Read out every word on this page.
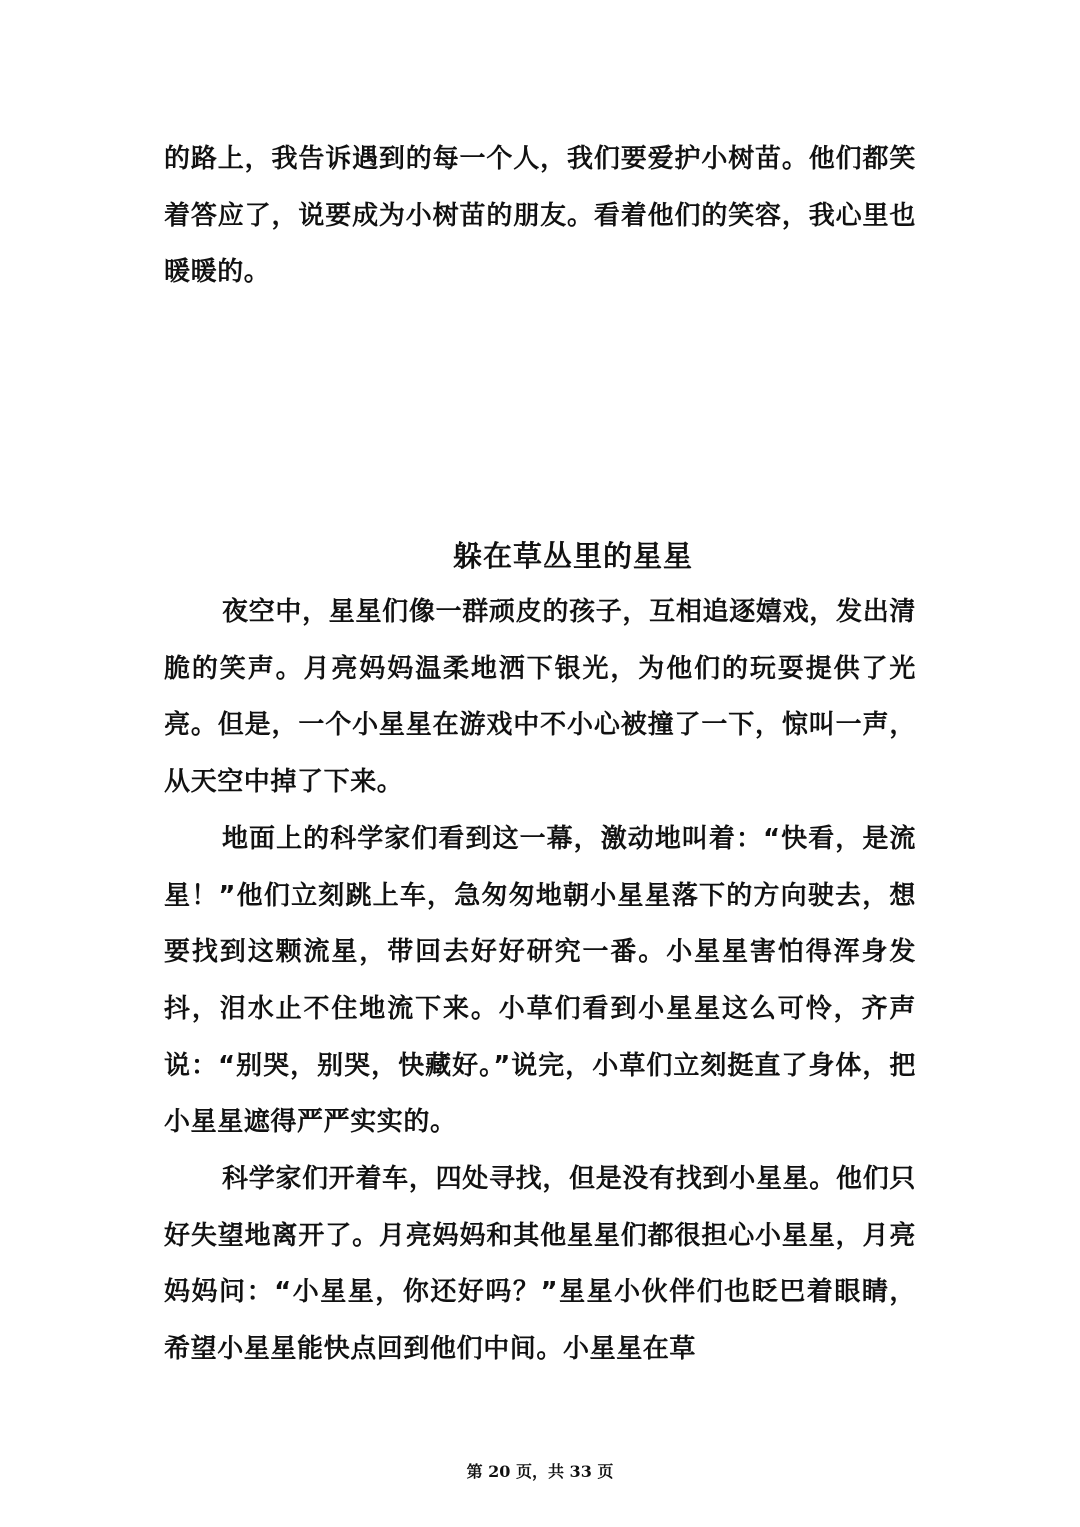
的路上，我告诉遇到的每一个人，我们要爱护小树苗。他们都笑着答应了，说要成为小树苗的朋友。看着他们的笑容，我心里也暖暖的。

躲在草丛里的星星

夜空中，星星们像一群顽皮的孩子，互相追逐嬉戏，发出清脆的笑声。月亮妈妈温柔地洒下银光，为他们的玩耍提供了光亮。但是，一个小星星在游戏中不小心被撞了一下，惊叫一声，从天空中掉了下来。

地面上的科学家们看到这一幕，激动地叫着：“快看，是流星！”他们立刻跳上车，急匆匆地朝小星星落下的方向驶去，想要找到这颗流星，带回去好好研究一番。小星星害怕得浑身发抖，泪水止不住地流下来。小草们看到小星星这么可怜，齐声说：“别哭，别哭，快藏好。”说完，小草们立刻挺直了身体，把小星星遮得严严实实的。

科学家们开着车，四处寻找，但是没有找到小星星。他们只好失望地离开了。月亮妈妈和其他星星们都很担心小星星，月亮妈妈问：“小星星，你还好吗？”星星小伙伴们也眨巴着眼睛，希望小星星能快点回到他们中间。小星星在草

第 20 页，共 33 页
